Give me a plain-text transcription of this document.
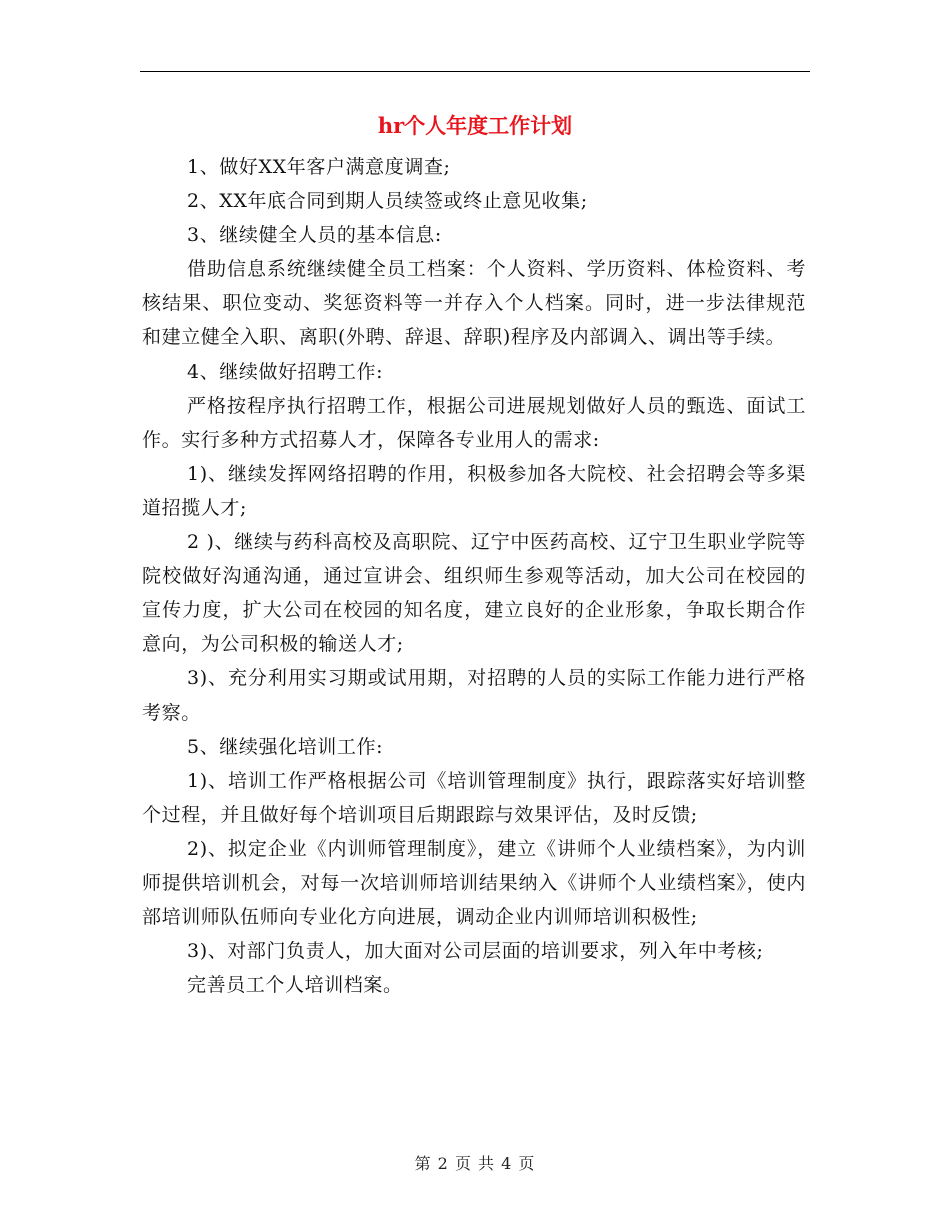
hr个人年度工作计划

1、做好XX年客户满意度调查;

2、XX年底合同到期人员续签或终止意见收集;

3、继续健全人员的基本信息:

借助信息系统继续健全员工档案：个人资料、学历资料、体检资料、考核结果、职位变动、奖惩资料等一并存入个人档案。同时，进一步法律规范和建立健全入职、离职(外聘、辞退、辞职)程序及内部调入、调出等手续。

4、继续做好招聘工作:

严格按程序执行招聘工作，根据公司进展规划做好人员的甄选、面试工作。实行多种方式招募人才，保障各专业用人的需求:

1)、继续发挥网络招聘的作用，积极参加各大院校、社会招聘会等多渠道招揽人才;

2 )、继续与药科高校及高职院、辽宁中医药高校、辽宁卫生职业学院等院校做好沟通沟通，通过宣讲会、组织师生参观等活动，加大公司在校园的宣传力度，扩大公司在校园的知名度，建立良好的企业形象，争取长期合作意向，为公司积极的输送人才;

3)、充分利用实习期或试用期，对招聘的人员的实际工作能力进行严格考察。

5、继续强化培训工作:

1)、培训工作严格根据公司《培训管理制度》执行，跟踪落实好培训整个过程，并且做好每个培训项目后期跟踪与效果评估，及时反馈;

2)、拟定企业《内训师管理制度》，建立《讲师个人业绩档案》，为内训师提供培训机会，对每一次培训师培训结果纳入《讲师个人业绩档案》，使内部培训师队伍师向专业化方向进展，调动企业内训师培训积极性;

3)、对部门负责人，加大面对公司层面的培训要求，列入年中考核;

完善员工个人培训档案。

第 2 页 共 4 页
